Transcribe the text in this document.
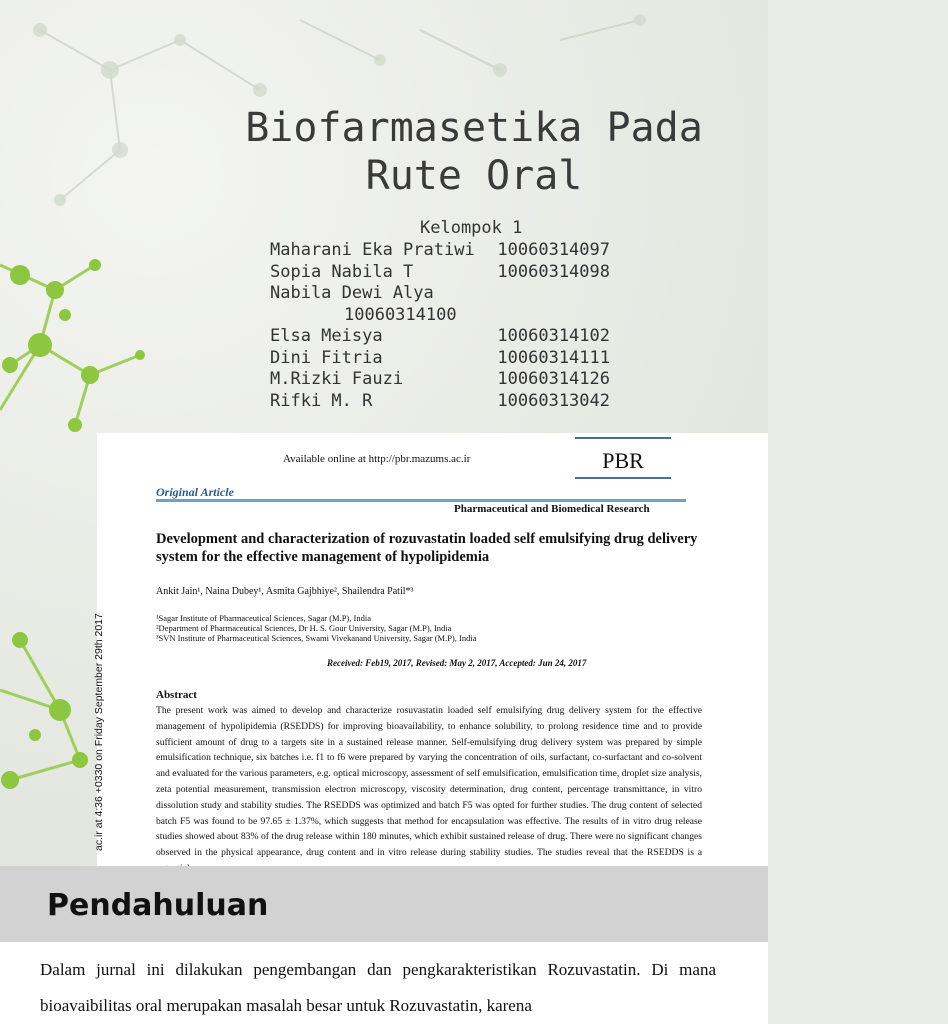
Biofarmasetika Pada
Rute Oral
Kelompok 1
Maharani Eka Pratiwi	10060314097
Sopia Nabila T	10060314098
Nabila Dewi Alya
10060314100
Elsa Meisya	10060314102
Dini Fitria	10060314111
M.Rizki Fauzi	10060314126
Rifki M. R	10060313042
Available online at http://pbr.mazums.ac.ir	PBR
Original Article
Pharmaceutical and Biomedical Research
Development and characterization of rozuvastatin loaded self emulsifying drug delivery system for the effective management of hypolipidemia
Ankit Jain¹, Naina Dubey¹, Asmita Gajbhiye², Shailendra Patil*³
¹Sagar Institute of Pharmaceutical Sciences, Sagar (M.P), India
²Department of Pharmaceutical Sciences, Dr H. S. Gour University, Sagar (M.P), India
³SVN Institute of Pharmaceutical Sciences, Swami Vivekanand University, Sagar (M.P), India
Received: Feb19, 2017, Revised: May 2, 2017, Accepted: Jun 24, 2017
Abstract
The present work was aimed to develop and characterize rosuvastatin loaded self emulsifying drug delivery system for the effective management of hypolipidemia (RSEDDS) for improving bioavailability, to enhance solubility, to prolong residence time and to provide sufficient amount of drug to a targets site in a sustained release manner. Self-emulsifying drug delivery system was prepared by simple emulsification technique, six batches i.e. f1 to f6 were prepared by varying the concentration of oils, surfactant, co-surfactant and co-solvent and evaluated for the various parameters, e.g. optical microscopy, assessment of self emulsification, emulsification time, droplet size analysis, zeta potential measurement, transmission electron microscopy, viscosity determination, drug content, percentage transmittance, in vitro dissolution study and stability studies. The RSEDDS was optimized and batch F5 was opted for further studies. The drug content of selected batch F5 was found to be 97.65 ± 1.37%, which suggests that method for encapsulation was effective. The results of in vitro drug release studies showed about 83% of the drug release within 180 minutes, which exhibit sustained release of drug. There were no significant changes observed in the physical appearance, drug content and in vitro release during stability studies. The studies reveal that the RSEDDS is a
ac.ir at 4:36 +0330 on Friday September 29th 2017
Pendahuluan
Dalam jurnal ini dilakukan pengembangan dan pengkarakteristikan Rozuvastatin. Di mana bioavaibilitas oral merupakan masalah besar untuk Rozuvastatin, karena
